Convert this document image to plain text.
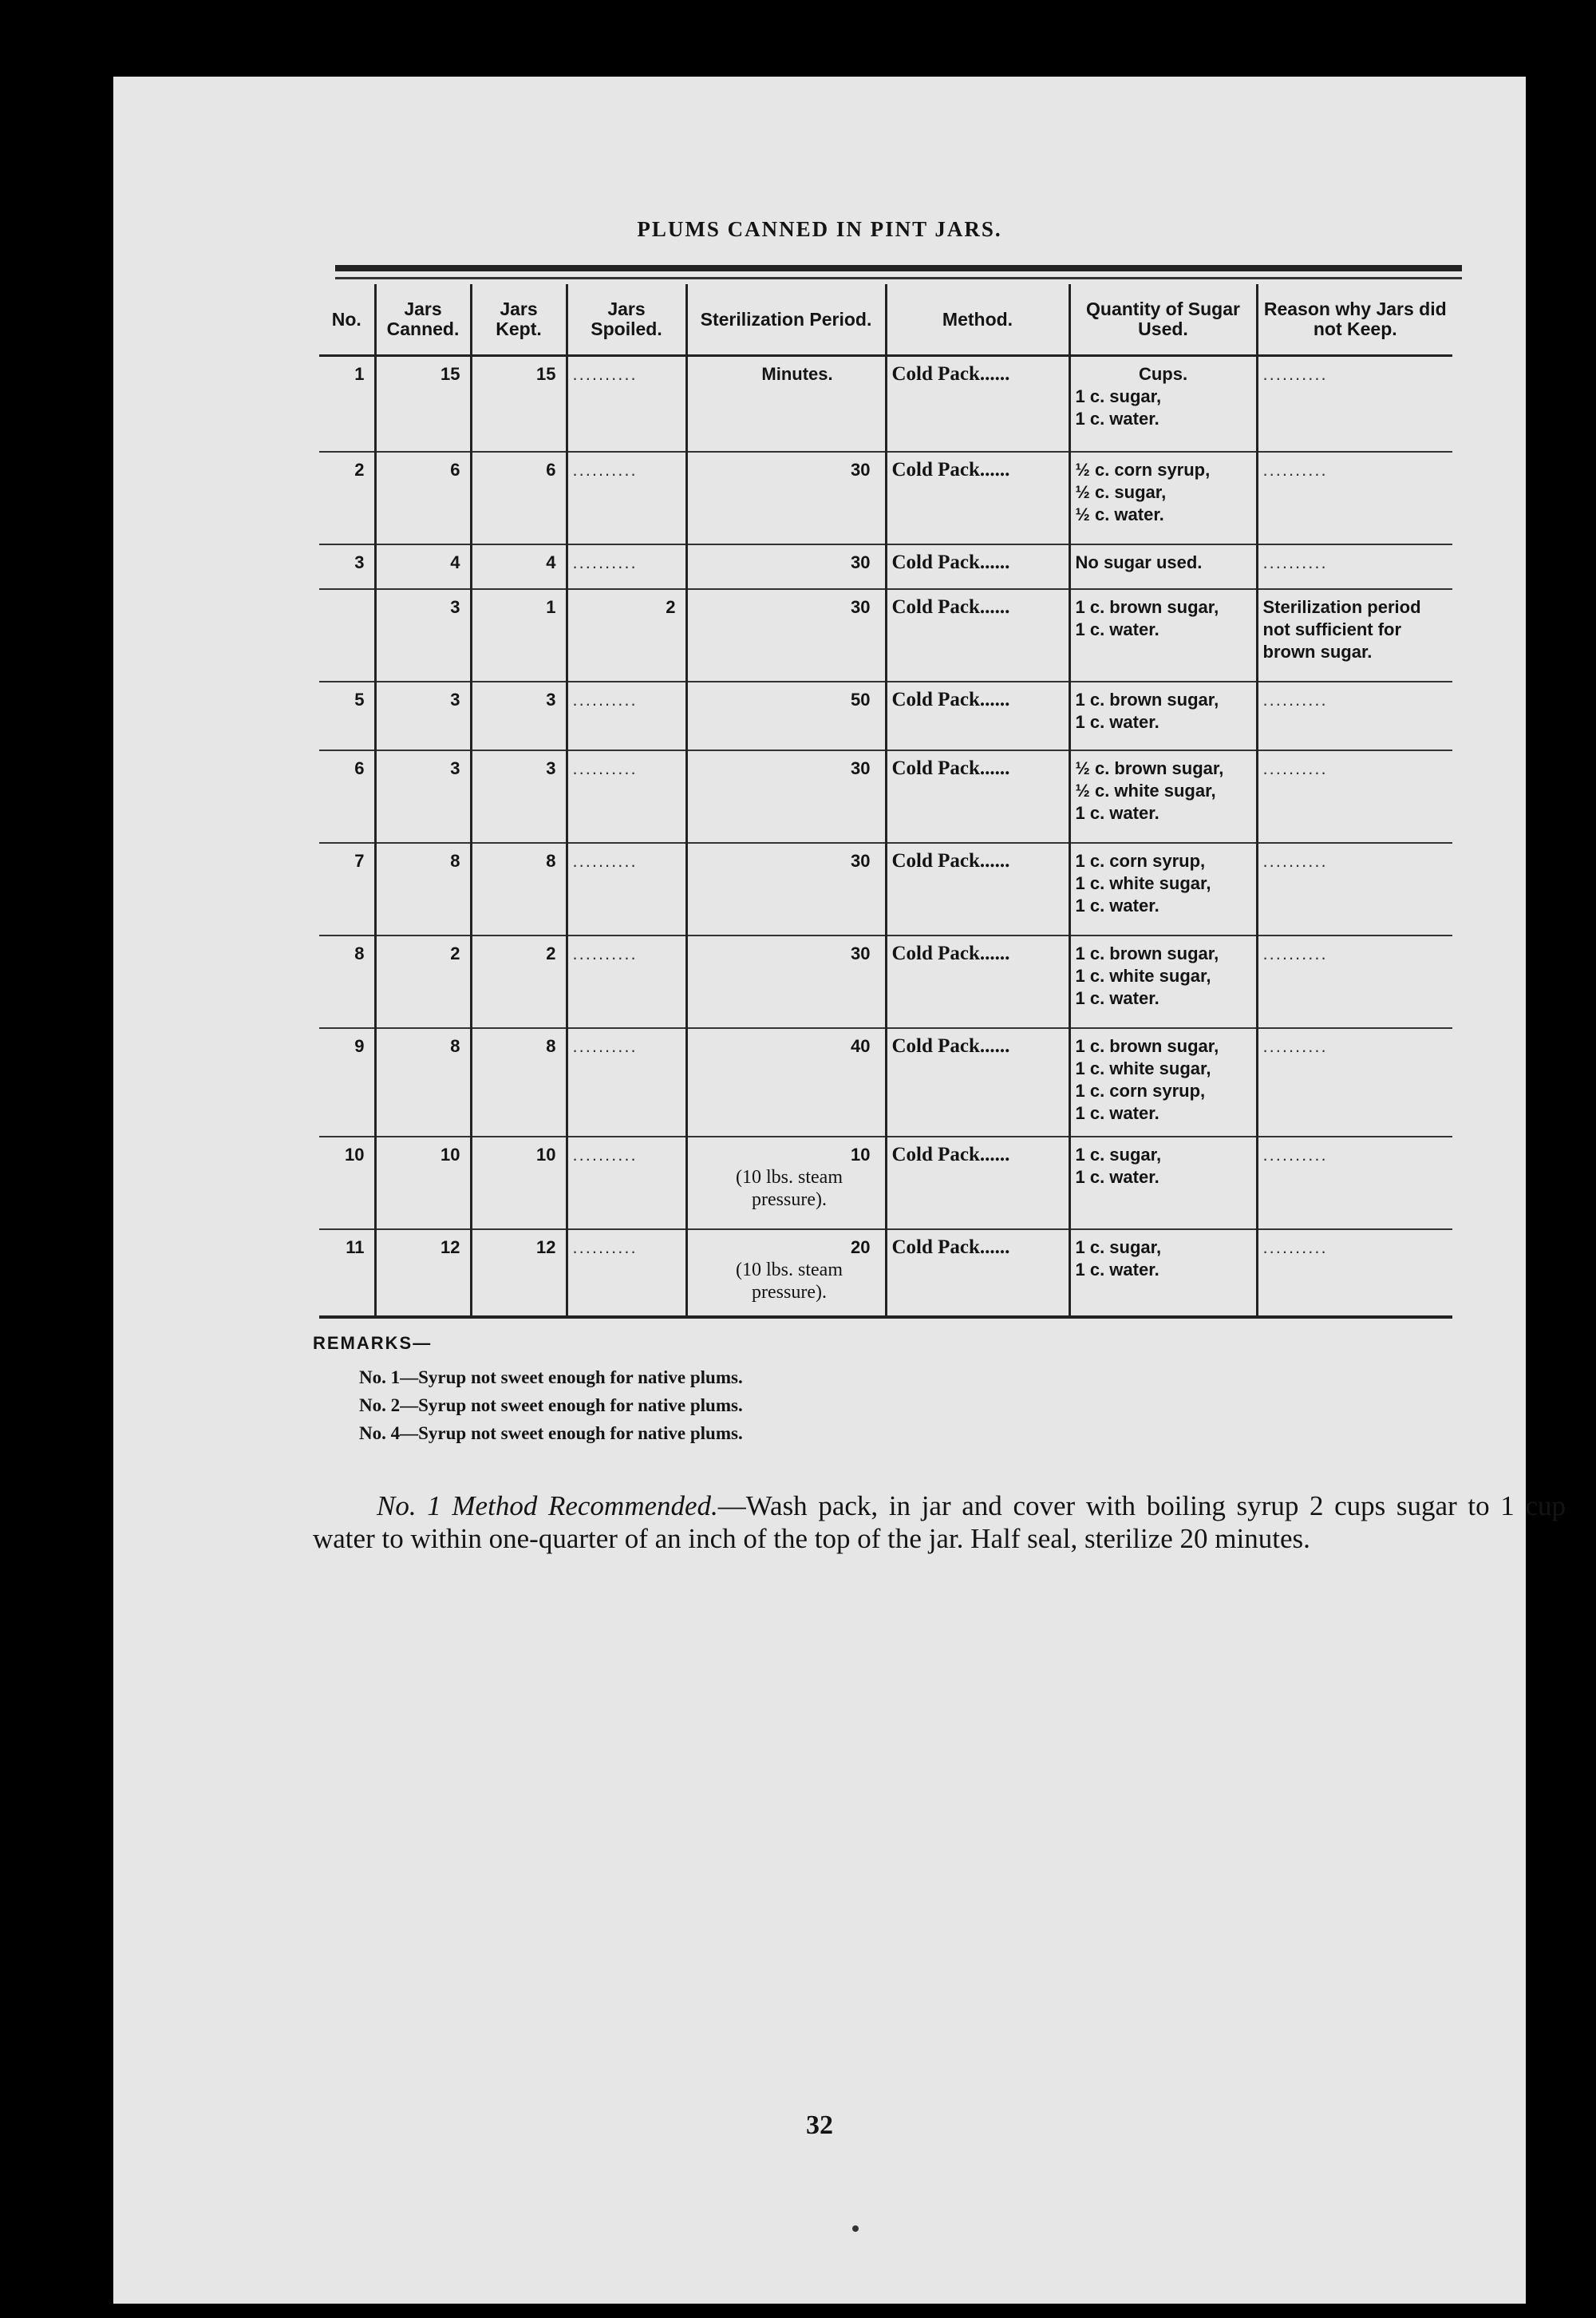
PLUMS CANNED IN PINT JARS.
No.	Jars Canned.	Jars Kept.	Jars Spoiled.	Sterilization Period.	Method.	Quantity of Sugar Used.	Reason why Jars did not Keep.
1	15	15	..........	Minutes.	Cold Pack......	Cups.
1 c. sugar,
1 c. water.	..........
2	6	6	..........	30	Cold Pack......	½ c. corn syrup,
½ c. sugar,
½ c. water.	..........
3	4	4	..........	30	Cold Pack......	No sugar used.	..........
	3	1	2	30	Cold Pack......	1 c. brown sugar,
1 c. water.	Sterilization period not sufficient for brown sugar.
5	3	3	..........	50	Cold Pack......	1 c. brown sugar,
1 c. water.	..........
6	3	3	..........	30	Cold Pack......	½ c. brown sugar,
½ c. white sugar,
1 c. water.	..........
7	8	8	..........	30	Cold Pack......	1 c. corn syrup,
1 c. white sugar,
1 c. water.	..........
8	2	2	..........	30	Cold Pack......	1 c. brown sugar,
1 c. white sugar,
1 c. water.	..........
9	8	8	..........	40	Cold Pack......	1 c. brown sugar,
1 c. white sugar,
1 c. corn syrup,
1 c. water.	..........
10	10	10	..........	10
(10 lbs. steam pressure).	Cold Pack......	1 c. sugar,
1 c. water.	..........
11	12	12	..........	20
(10 lbs. steam pressure).	Cold Pack......	1 c. sugar,
1 c. water.	..........
REMARKS—
No. 1—Syrup not sweet enough for native plums.
No. 2—Syrup not sweet enough for native plums.
No. 4—Syrup not sweet enough for native plums.
No. 1 Method Recommended.—Wash pack, in jar and cover with boiling syrup 2 cups sugar to 1 cup water to within one-quarter of an inch of the top of the jar. Half seal, sterilize 20 minutes.
32
